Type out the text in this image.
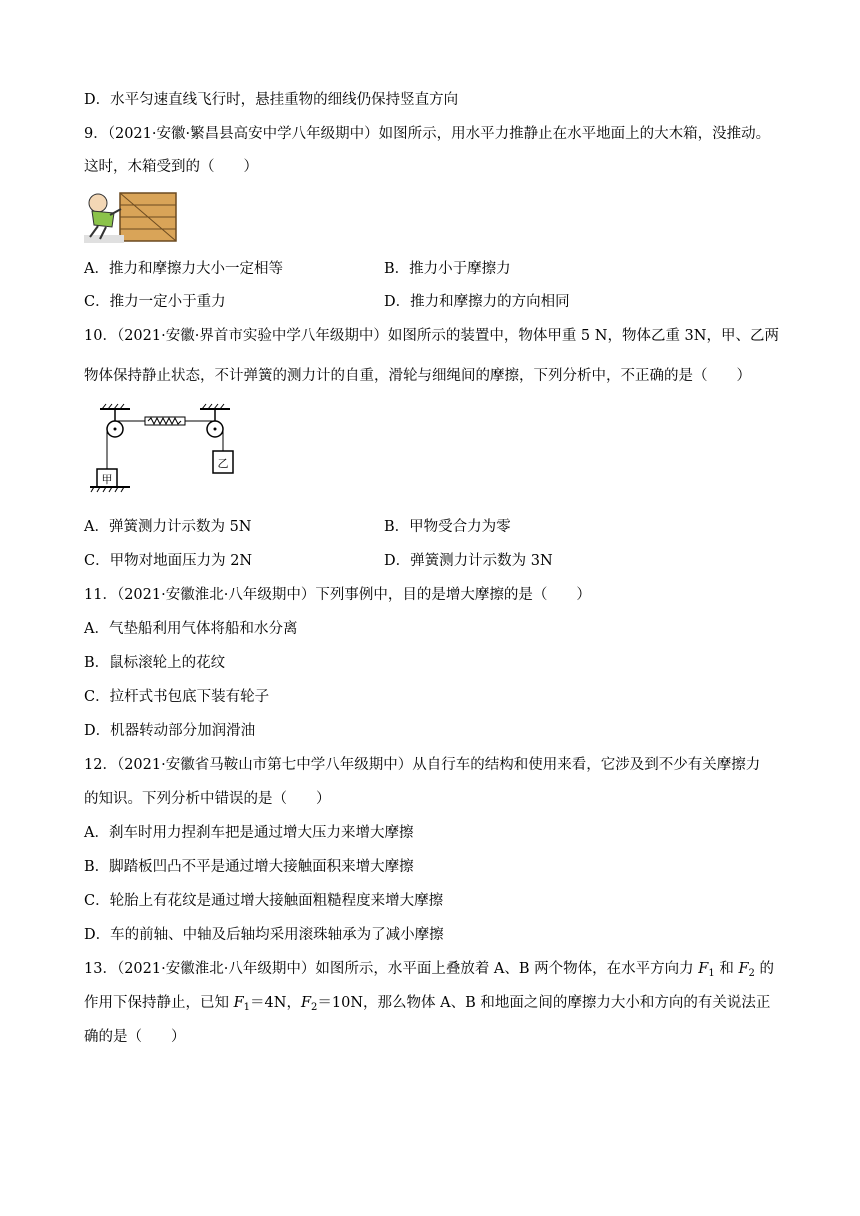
D．水平匀速直线飞行时，悬挂重物的细线仍保持竖直方向
9．（2021·安徽·繁昌县高安中学八年级期中）如图所示，用水平力推静止在水平地面上的大木箱，没推动。
这时，木箱受到的（　　）
A．推力和摩擦力大小一定相等	B．推力小于摩擦力
C．推力一定小于重力	D．推力和摩擦力的方向相同
10．（2021·安徽·界首市实验中学八年级期中）如图所示的装置中，物体甲重 5 N，物体乙重 3N，甲、乙两
物体保持静止状态，不计弹簧的测力计的自重，滑轮与细绳间的摩擦，下列分析中，不正确的是（　　）
甲
乙
A．弹簧测力计示数为 5N	B．甲物受合力为零
C．甲物对地面压力为 2N	D．弹簧测力计示数为 3N
11．（2021·安徽淮北·八年级期中）下列事例中，目的是增大摩擦的是（　　）
A．气垫船利用气体将船和水分离
B．鼠标滚轮上的花纹
C．拉杆式书包底下装有轮子
D．机器转动部分加润滑油
12．（2021·安徽省马鞍山市第七中学八年级期中）从自行车的结构和使用来看，它涉及到不少有关摩擦力
的知识。下列分析中错误的是（　　）
A．刹车时用力捏刹车把是通过增大压力来增大摩擦
B．脚踏板凹凸不平是通过增大接触面积来增大摩擦
C．轮胎上有花纹是通过增大接触面粗糙程度来增大摩擦
D．车的前轴、中轴及后轴均采用滚珠轴承为了减小摩擦
13．（2021·安徽淮北·八年级期中）如图所示，水平面上叠放着 A、B 两个物体，在水平方向力 $F_1$ 和 $F_2$ 的
作用下保持静止，已知 $F_1=4N$，$F_2=10N$，那么物体 A、B 和地面之间的摩擦力大小和方向的有关说法正
确的是（　　）
